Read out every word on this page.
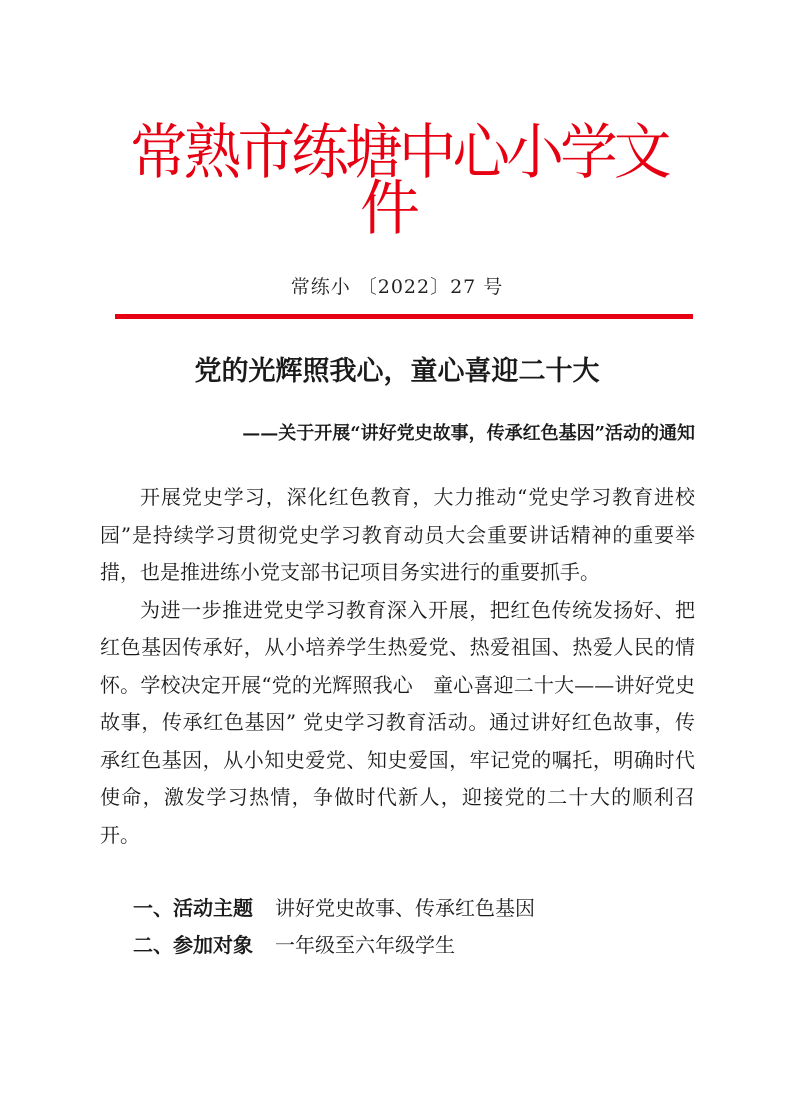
常熟市练塘中心小学文
件
常练小 〔2022〕27 号
党的光辉照我心，童心喜迎二十大
——关于开展“讲好党史故事，传承红色基因”活动的通知

开展党史学习，深化红色教育，大力推动“党史学习教育进校园”是持续学习贯彻党史学习教育动员大会重要讲话精神的重要举措，也是推进练小党支部书记项目务实进行的重要抓手。

为进一步推进党史学习教育深入开展，把红色传统发扬好、把红色基因传承好，从小培养学生热爱党、热爱祖国、热爱人民的情怀。学校决定开展“党的光辉照我心　童心喜迎二十大——讲好党史故事，传承红色基因” 党史学习教育活动。通过讲好红色故事，传承红色基因，从小知史爱党、知史爱国，牢记党的嘱托，明确时代使命，激发学习热情，争做时代新人，迎接党的二十大的顺利召开。

一、活动主题 讲好党史故事、传承红色基因
二、参加对象 一年级至六年级学生
